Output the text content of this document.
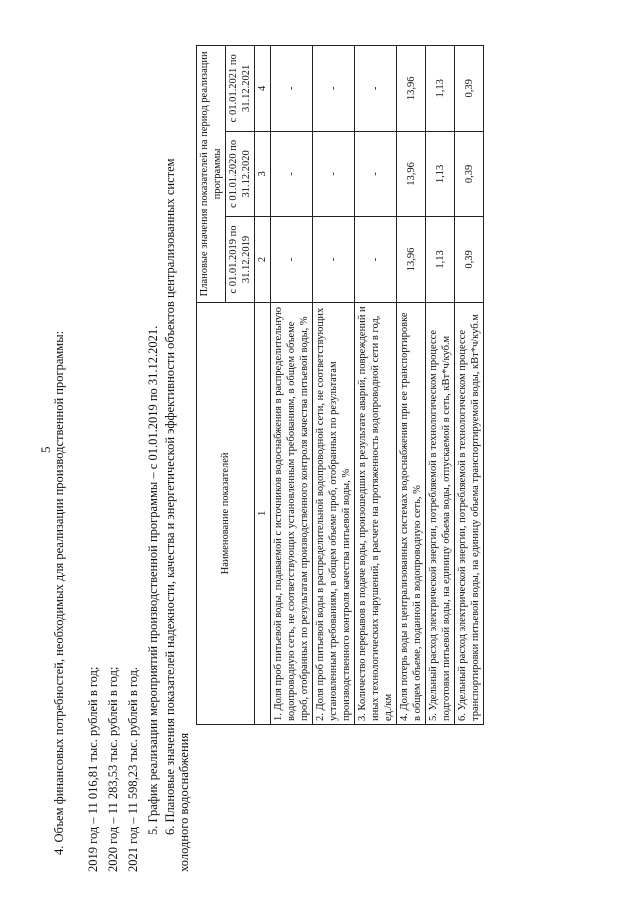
5 4. Объем финансовых потребностей, необходимых для реализации производственной программы: 2019 год – 11 016,81 тыс. рублей в год; 2020 год – 11 283,53 тыс. рублей в год; 2021 год – 11 598,23 тыс. рублей в год. 5. График реализации мероприятий производственной программы – с 01.01.2019 по 31.12.2021. 6. Плановые значения показателей надежности, качества и энергетической эффективности объектов централизованных систем холодного водоснабжения
Наименование показателей	Плановые значения показателей на период реализации программы		
	с 01.01.2019 по 31.12.2019	с 01.01.2020 по 31.12.2020	с 01.01.2021 по 31.12.2021
1	2	3	4
1. Доля проб питьевой воды, подаваемой с источников водоснабжения в распределительную водопроводную сеть, не соответствующих установленным требованиям, в общем объеме проб, отобранных по результатам производственного контроля качества питьевой воды, %	-	-	-
2. Доля проб питьевой воды в распределительной водопроводной сети, не соответствующих установленным требованиям, в общем объеме проб, отобранных по результатам производственного контроля качества питьевой воды, %	-	-	-
3. Количество перерывов в подаче воды, произошедших в результате аварий, повреждений и иных технологических нарушений, в расчете на протяженность водопроводной сети в год, ед./км	-	-	-
4. Доля потерь воды в централизованных системах водоснабжения при ее транспортировке в общем объеме, поданной в водопроводную сеть, %	13,96	13,96	13,96
5. Удельный расход электрической энергии, потребляемой в технологическом процессе подготовки питьевой воды, на единицу объема воды, отпускаемой в сеть, кВт*ч/куб.м	1,13	1,13	1,13
6. Удельный расход электрической энергии, потребляемой в технологическом процессе транспортировки питьевой воды, на единицу объема транспортируемой воды, кВт*ч/куб.м	0,39	0,39	0,39
